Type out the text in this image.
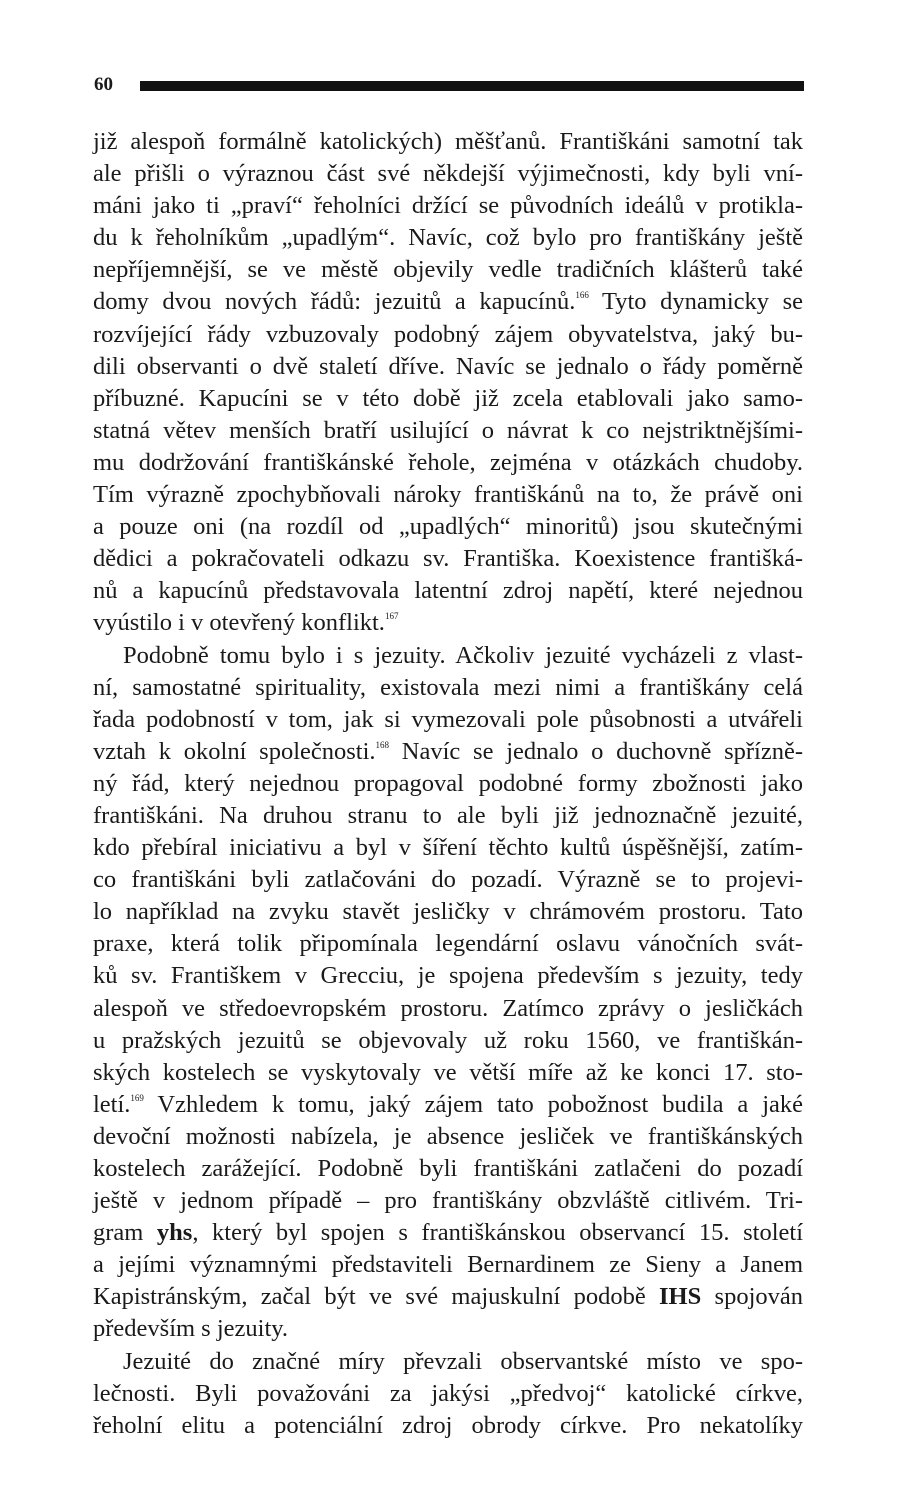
60
již alespoň formálně katolických) měšťanů. Františkáni samotní tak
ale přišli o výraznou část své někdejší výjimečnosti, kdy byli vní-
máni jako ti „praví“ řeholníci držící se původních ideálů v protikla-
du k řeholníkům „upadlým“. Navíc, což bylo pro františkány ještě
nepříjemnější, se ve městě objevily vedle tradičních klášterů také
domy dvou nových řádů: jezuitů a kapucínů.$^{166}$ Tyto dynamicky se
rozvíjející řády vzbuzovaly podobný zájem obyvatelstva, jaký bu-
dili observanti o dvě staletí dříve. Navíc se jednalo o řády poměrně
příbuzné. Kapucíni se v této době již zcela etablovali jako samo-
statná větev menších bratří usilující o návrat k co nejstriktnějšími-
mu dodržování františkánské řehole, zejména v otázkách chudoby.
Tím výrazně zpochybňovali nároky františkánů na to, že právě oni
a pouze oni (na rozdíl od „upadlých“ minoritů) jsou skutečnými
dědici a pokračovateli odkazu sv. Františka. Koexistence františká-
nů a kapucínů představovala latentní zdroj napětí, které nejednou
vyústilo i v otevřený konflikt.$^{167}$
Podobně tomu bylo i s jezuity. Ačkoliv jezuité vycházeli z vlast-
ní, samostatné spirituality, existovala mezi nimi a františkány celá
řada podobností v tom, jak si vymezovali pole působnosti a utvářeli
vztah k okolní společnosti.$^{168}$ Navíc se jednalo o duchovně spřízně-
ný řád, který nejednou propagoval podobné formy zbožnosti jako
františkáni. Na druhou stranu to ale byli již jednoznačně jezuité,
kdo přebíral iniciativu a byl v šíření těchto kultů úspěšnější, zatím-
co františkáni byli zatlačováni do pozadí. Výrazně se to projevi-
lo například na zvyku stavět jesličky v chrámovém prostoru. Tato
praxe, která tolik připomínala legendární oslavu vánočních svát-
ků sv. Františkem v Grecciu, je spojena především s jezuity, tedy
alespoň ve středoevropském prostoru. Zatímco zprávy o jesličkách
u pražských jezuitů se objevovaly už roku 1560, ve františkán-
ských kostelech se vyskytovaly ve větší míře až ke konci 17. sto-
letí.$^{169}$ Vzhledem k tomu, jaký zájem tato pobožnost budila a jaké
devoční možnosti nabízela, je absence jesliček ve františkánských
kostelech zarážející. Podobně byli františkáni zatlačeni do pozadí
ještě v jednom případě – pro františkány obzvláště citlivém. Tri-
gram yhs, který byl spojen s františkánskou observancí 15. století
a jejími významnými představiteli Bernardinem ze Sieny a Janem
Kapistránským, začal být ve své majuskulní podobě IHS spojován
především s jezuity.
Jezuité do značné míry převzali observantské místo ve spo-
lečnosti. Byli považováni za jakýsi „předvoj“ katolické církve,
řeholní elitu a potenciální zdroj obrody církve. Pro nekatolíky
